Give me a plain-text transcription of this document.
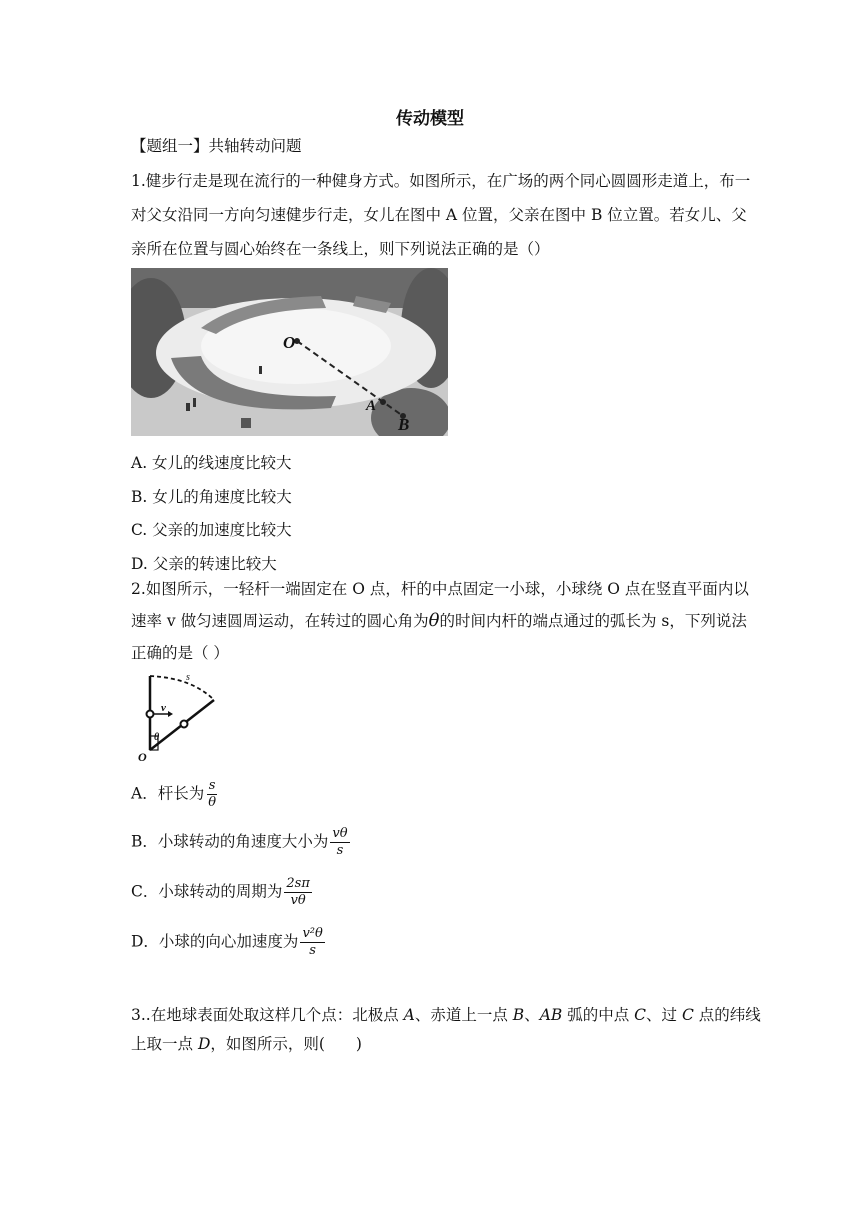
传动模型
【题组一】共轴转动问题
1.健步行走是现在流行的一种健身方式。如图所示，在广场的两个同心圆圆形走道上，布一
对父女沿同一方向匀速健步行走，女儿在图中 A 位置，父亲在图中 B 位立置。若女儿、父
亲所在位置与圆心始终在一条线上，则下列说法正确的是（）
O
A
B
A. 女儿的线速度比较大
B. 女儿的角速度比较大
C. 父亲的加速度比较大
D. 父亲的转速比较大
2.如图所示，一轻杆一端固定在 O 点，杆的中点固定一小球，小球绕 O 点在竖直平面内以
速率 v 做匀速圆周运动，在转过的圆心角为θ的时间内杆的端点通过的弧长为 s，下列说法
正确的是（ ）
s
v
θ
O
A．杆长为 $\frac{s}{\theta}$
B．小球转动的角速度大小为 $\frac{v\theta}{s}$
C．小球转动的周期为 $\frac{2s\pi}{v\theta}$
D．小球的向心加速度为 $\frac{\text{v²θ}}{s}$
3..在地球表面处取这样几个点：北极点 A、赤道上一点 B、AB 弧的中点 C、过 C 点的纬线
上取一点 D，如图所示，则(　　)
